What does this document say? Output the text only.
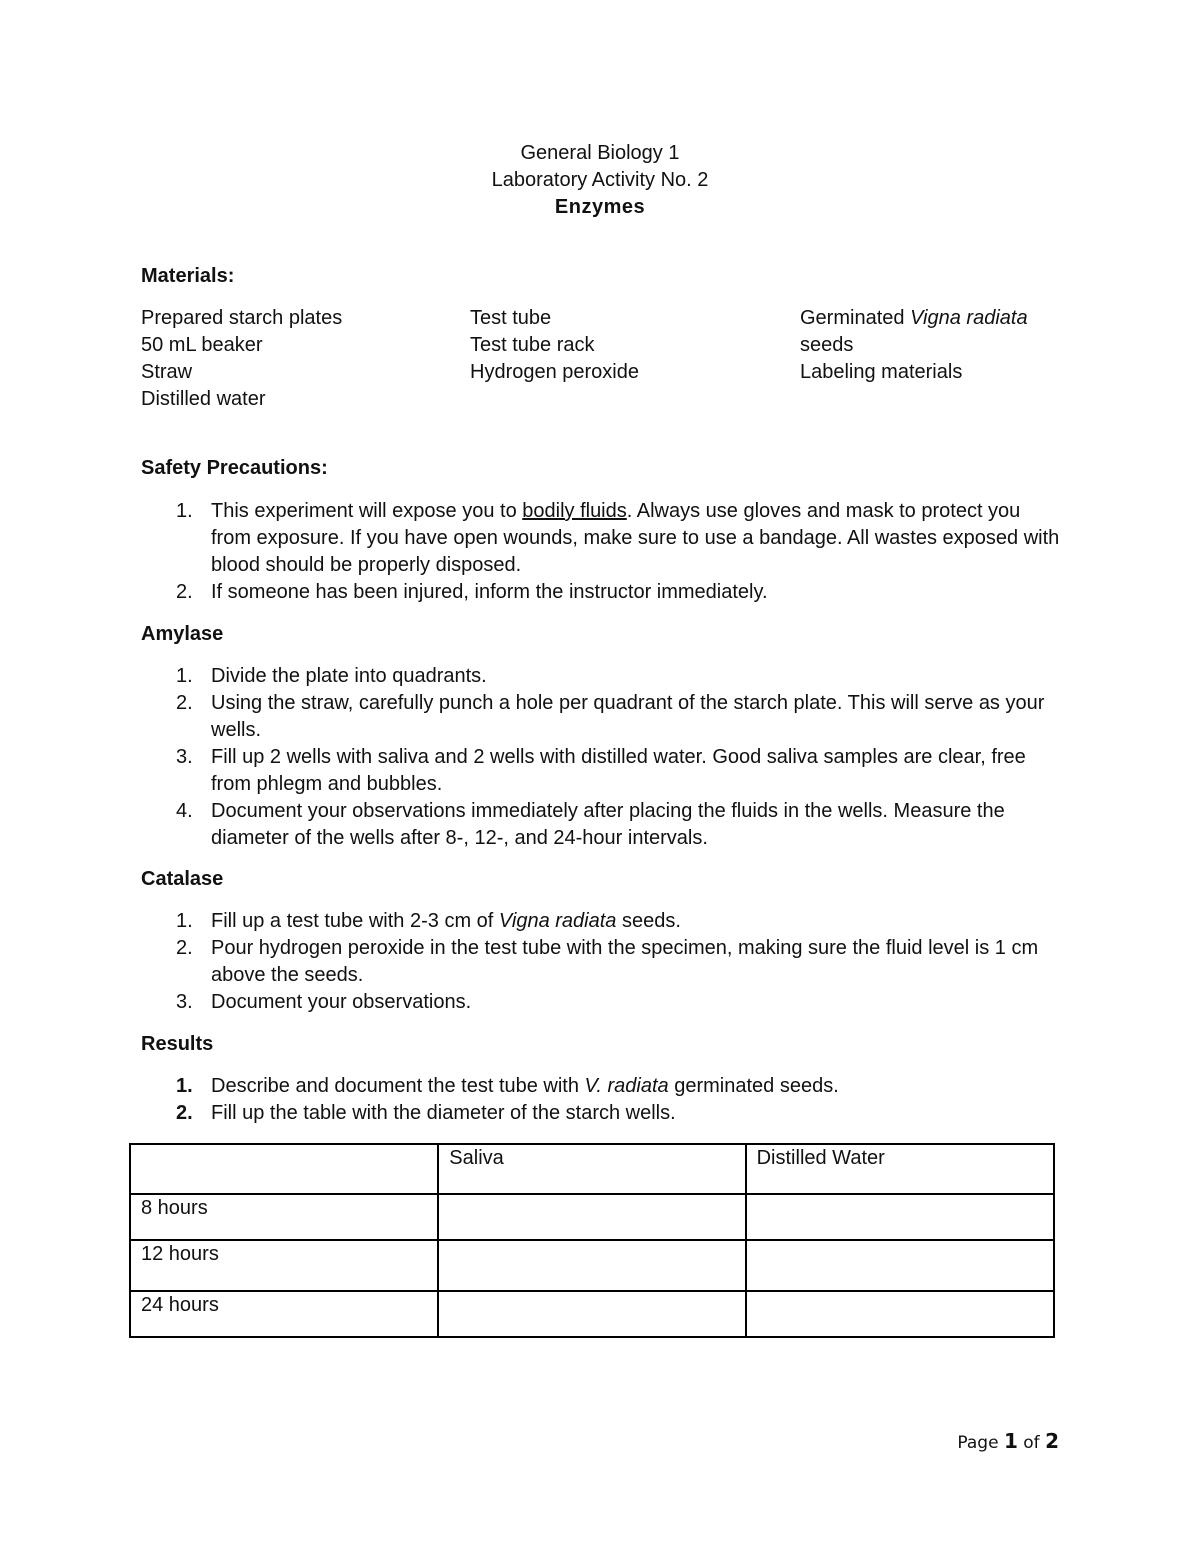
General Biology 1
Laboratory Activity No. 2
Enzymes
Materials:
Prepared starch plates
50 mL beaker
Straw
Distilled water
Test tube
Test tube rack
Hydrogen peroxide
Germinated Vigna radiata
seeds
Labeling materials
Safety Precautions:
1. This experiment will expose you to bodily fluids. Always use gloves and mask to protect you from exposure. If you have open wounds, make sure to use a bandage. All wastes exposed with blood should be properly disposed.
2. If someone has been injured, inform the instructor immediately.
Amylase
1. Divide the plate into quadrants.
2. Using the straw, carefully punch a hole per quadrant of the starch plate. This will serve as your wells.
3. Fill up 2 wells with saliva and 2 wells with distilled water. Good saliva samples are clear, free from phlegm and bubbles.
4. Document your observations immediately after placing the fluids in the wells. Measure the diameter of the wells after 8-, 12-, and 24-hour intervals.
Catalase
1. Fill up a test tube with 2-3 cm of Vigna radiata seeds.
2. Pour hydrogen peroxide in the test tube with the specimen, making sure the fluid level is 1 cm above the seeds.
3. Document your observations.
Results
1. Describe and document the test tube with V. radiata germinated seeds.
2. Fill up the table with the diameter of the starch wells.
	Saliva	Distilled Water
8 hours		
12 hours		
24 hours		
Page 1 of 2
